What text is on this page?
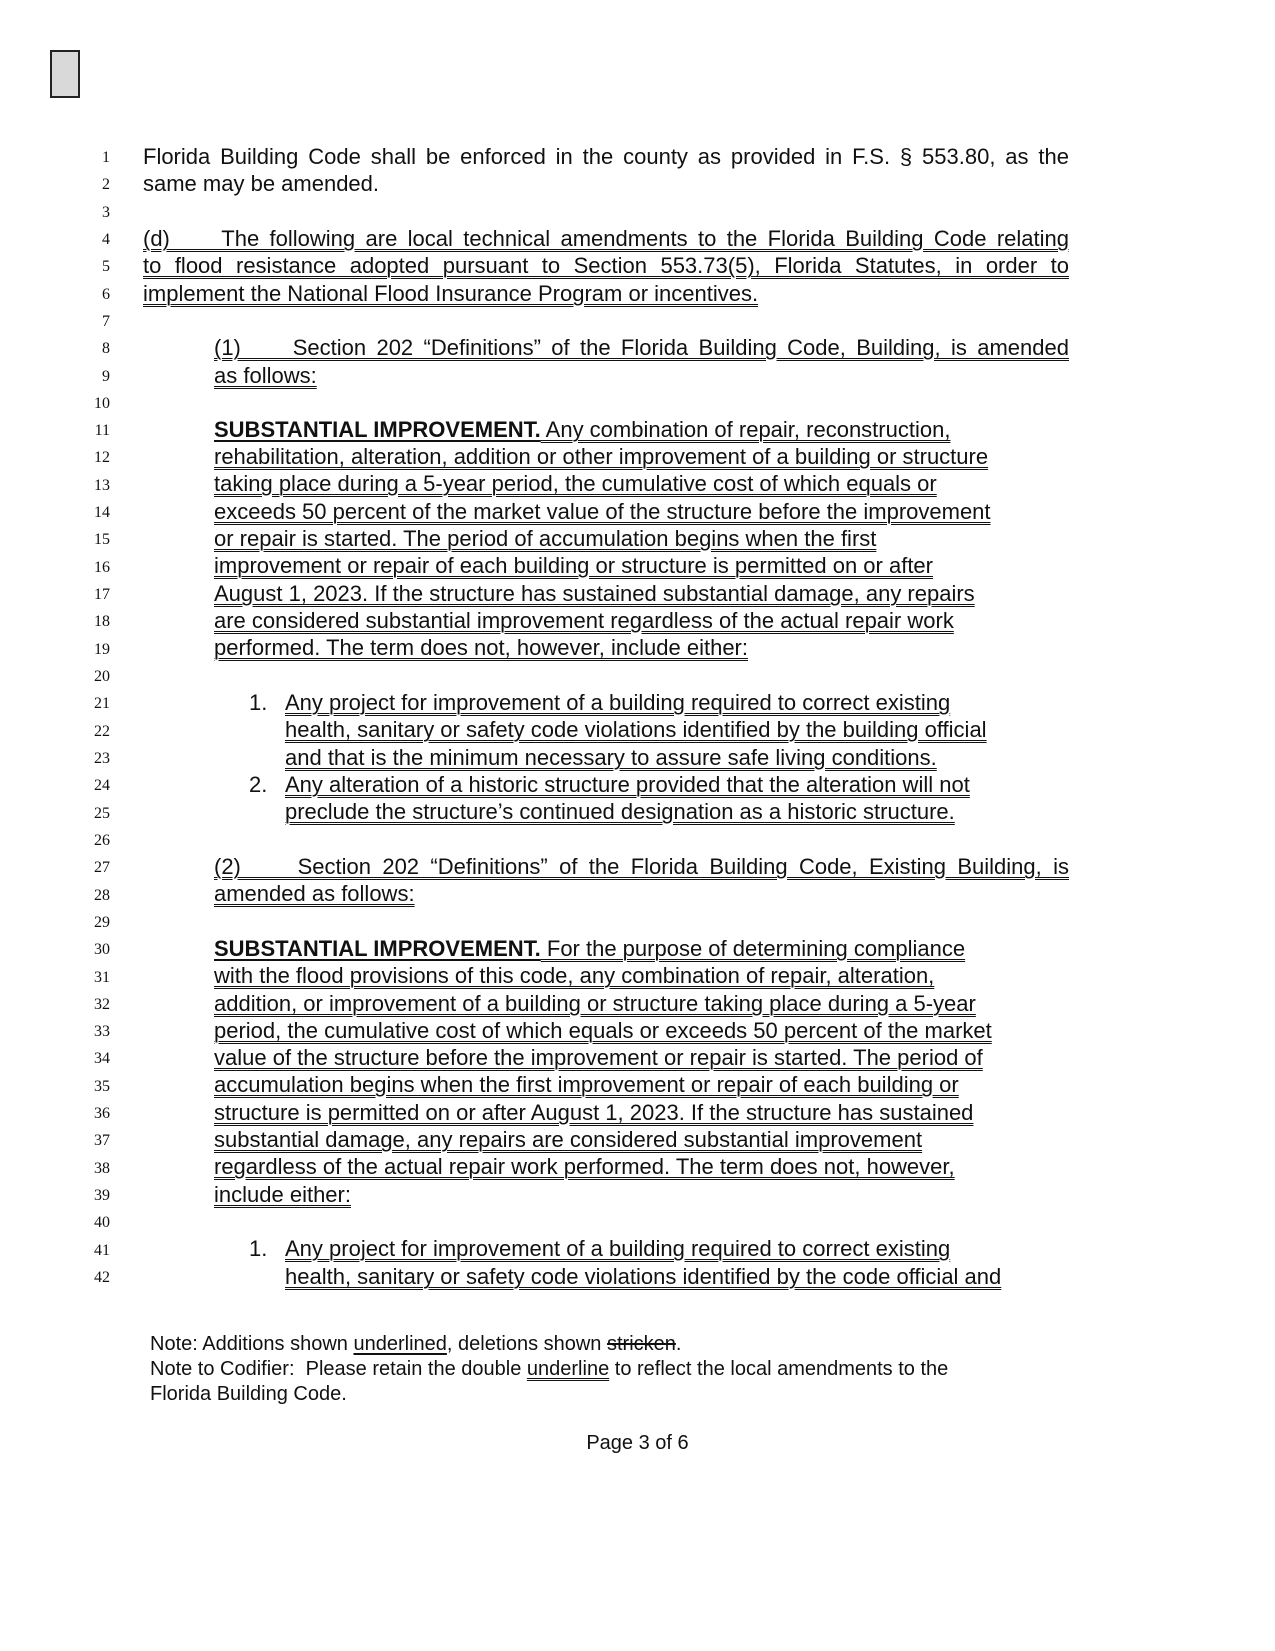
1
2
3
4
5
6
7
8
9
10
11
12
13
14
15
16
17
18
19
20
21
22
23
24
25
26
27
28
29
30
31
32
33
34
35
36
37
38
39
40
41
42
Florida Building Code shall be enforced in the county as provided in F.S. § 553.80, as the
same may be amended.
(d)     The following are local technical amendments to the Florida Building Code relating
to flood resistance adopted pursuant to Section 553.73(5), Florida Statutes, in order to
implement the National Flood Insurance Program or incentives.
(1)     Section 202 “Definitions” of the Florida Building Code, Building, is amended
as follows:
SUBSTANTIAL IMPROVEMENT. Any combination of repair, reconstruction,
rehabilitation, alteration, addition or other improvement of a building or structure
taking place during a 5-year period, the cumulative cost of which equals or
exceeds 50 percent of the market value of the structure before the improvement
or repair is started. The period of accumulation begins when the first
improvement or repair of each building or structure is permitted on or after
August 1, 2023. If the structure has sustained substantial damage, any repairs
are considered substantial improvement regardless of the actual repair work
performed. The term does not, however, include either:
1. Any project for improvement of a building required to correct existing
health, sanitary or safety code violations identified by the building official
and that is the minimum necessary to assure safe living conditions.
2. Any alteration of a historic structure provided that the alteration will not
preclude the structure’s continued designation as a historic structure.
(2)     Section 202 “Definitions” of the Florida Building Code, Existing Building, is
amended as follows:
SUBSTANTIAL IMPROVEMENT. For the purpose of determining compliance
with the flood provisions of this code, any combination of repair, alteration,
addition, or improvement of a building or structure taking place during a 5-year
period, the cumulative cost of which equals or exceeds 50 percent of the market
value of the structure before the improvement or repair is started. The period of
accumulation begins when the first improvement or repair of each building or
structure is permitted on or after August 1, 2023. If the structure has sustained
substantial damage, any repairs are considered substantial improvement
regardless of the actual repair work performed. The term does not, however,
include either:
1. Any project for improvement of a building required to correct existing
health, sanitary or safety code violations identified by the code official and
Note: Additions shown underlined, deletions shown stricken.
Note to Codifier:  Please retain the double underline to reflect the local amendments to the
Florida Building Code.
Page 3 of 6
